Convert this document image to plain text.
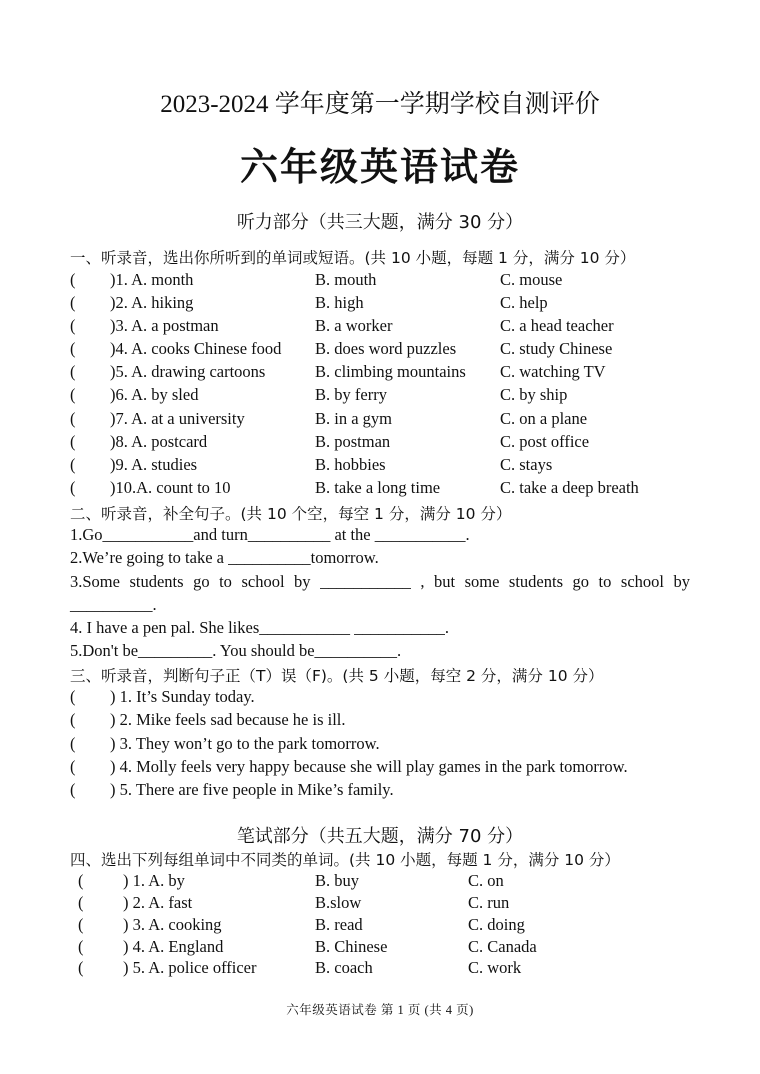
2023-2024 学年度第一学期学校自测评价
六年级英语试卷
听力部分（共三大题，满分 30 分）
一、听录音，选出你所听到的单词或短语。(共 10 小题，每题 1 分，满分 10 分）
( )1. A. month	B. mouth	C. mouse
( )2. A. hiking	B. high	C. help
( )3. A. a postman	B. a worker	C. a head teacher
( )4. A. cooks Chinese food B. does word puzzles	C. study Chinese
( )5. A. drawing cartoons	B. climbing mountains C. watching TV
( )6. A. by sled	B. by ferry	C. by ship
( )7. A. at a university	B. in a gym	C. on a plane
( )8. A. postcard	B. postman	C. post office
( )9. A. studies	B. hobbies	C. stays
( )10.A. count to 10	B. take a long time	C. take a deep breath
二、听录音，补全句子。(共 10 个空，每空 1 分，满分 10 分）
1.Go___________and turn__________ at the ___________.
2.We’re going to take a __________tomorrow.
3.Some students go to school by ___________ , but some students go to school by
__________.
4. I have a pen pal. She likes___________ ___________.
5.Don't be_________. You should be__________.
三、听录音，判断句子正（T）误（F)。(共 5 小题，每空 2 分，满分 10 分）
( ) 1. It’s Sunday today.
( ) 2. Mike feels sad because he is ill.
( ) 3. They won’t go to the park tomorrow.
( ) 4. Molly feels very happy because she will play games in the park tomorrow.
( ) 5. There are five people in Mike’s family.
笔试部分（共五大题，满分 70 分）
四、选出下列每组单词中不同类的单词。(共 10 小题，每题 1 分，满分 10 分）
( ) 1. A. by	B. buy	C. on
( ) 2. A. fast	B.slow	C. run
( ) 3. A. cooking	B. read	C. doing
( ) 4. A. England	B. Chinese	C. Canada
( ) 5. A. police officer	B. coach	C. work
六年级英语试卷 第 1 页 (共 4 页)
